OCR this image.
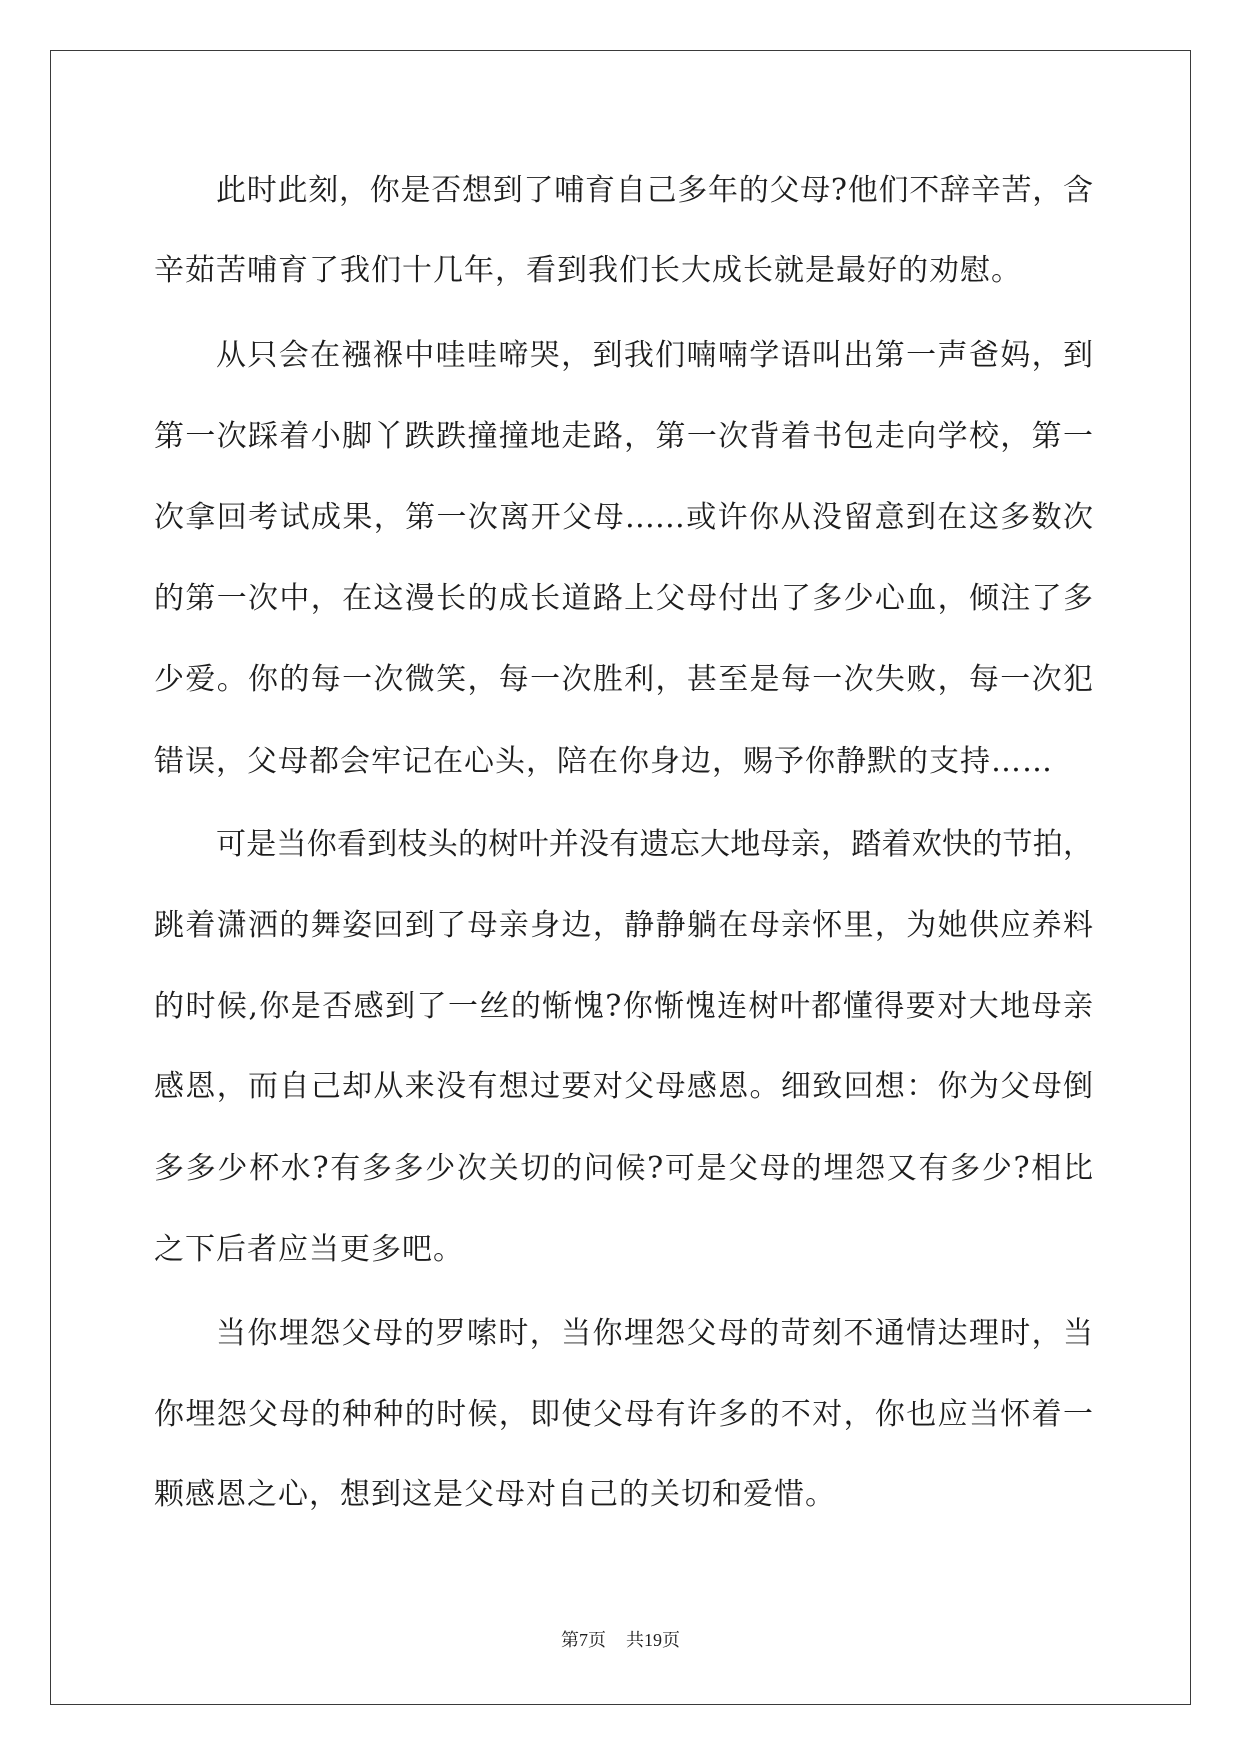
此时此刻，你是否想到了哺育自己多年的父母?他们不辞辛苦，含
辛茹苦哺育了我们十几年，看到我们长大成长就是最好的劝慰。
从只会在襁褓中哇哇啼哭，到我们喃喃学语叫出第一声爸妈，到
第一次踩着小脚丫跌跌撞撞地走路，第一次背着书包走向学校，第一
次拿回考试成果，第一次离开父母……或许你从没留意到在这多数次
的第一次中，在这漫长的成长道路上父母付出了多少心血，倾注了多
少爱。你的每一次微笑，每一次胜利，甚至是每一次失败，每一次犯
错误，父母都会牢记在心头，陪在你身边，赐予你静默的支持……
可是当你看到枝头的树叶并没有遗忘大地母亲，踏着欢快的节拍，
跳着潇洒的舞姿回到了母亲身边，静静躺在母亲怀里，为她供应养料
的时候,你是否感到了一丝的惭愧?你惭愧连树叶都懂得要对大地母亲
感恩，而自己却从来没有想过要对父母感恩。细致回想：你为父母倒
多多少杯水?有多多少次关切的问候?可是父母的埋怨又有多少?相比
之下后者应当更多吧。
当你埋怨父母的罗嗦时，当你埋怨父母的苛刻不通情达理时，当
你埋怨父母的种种的时候，即使父母有许多的不对，你也应当怀着一
颗感恩之心，想到这是父母对自己的关切和爱惜。
第7页 共19页
